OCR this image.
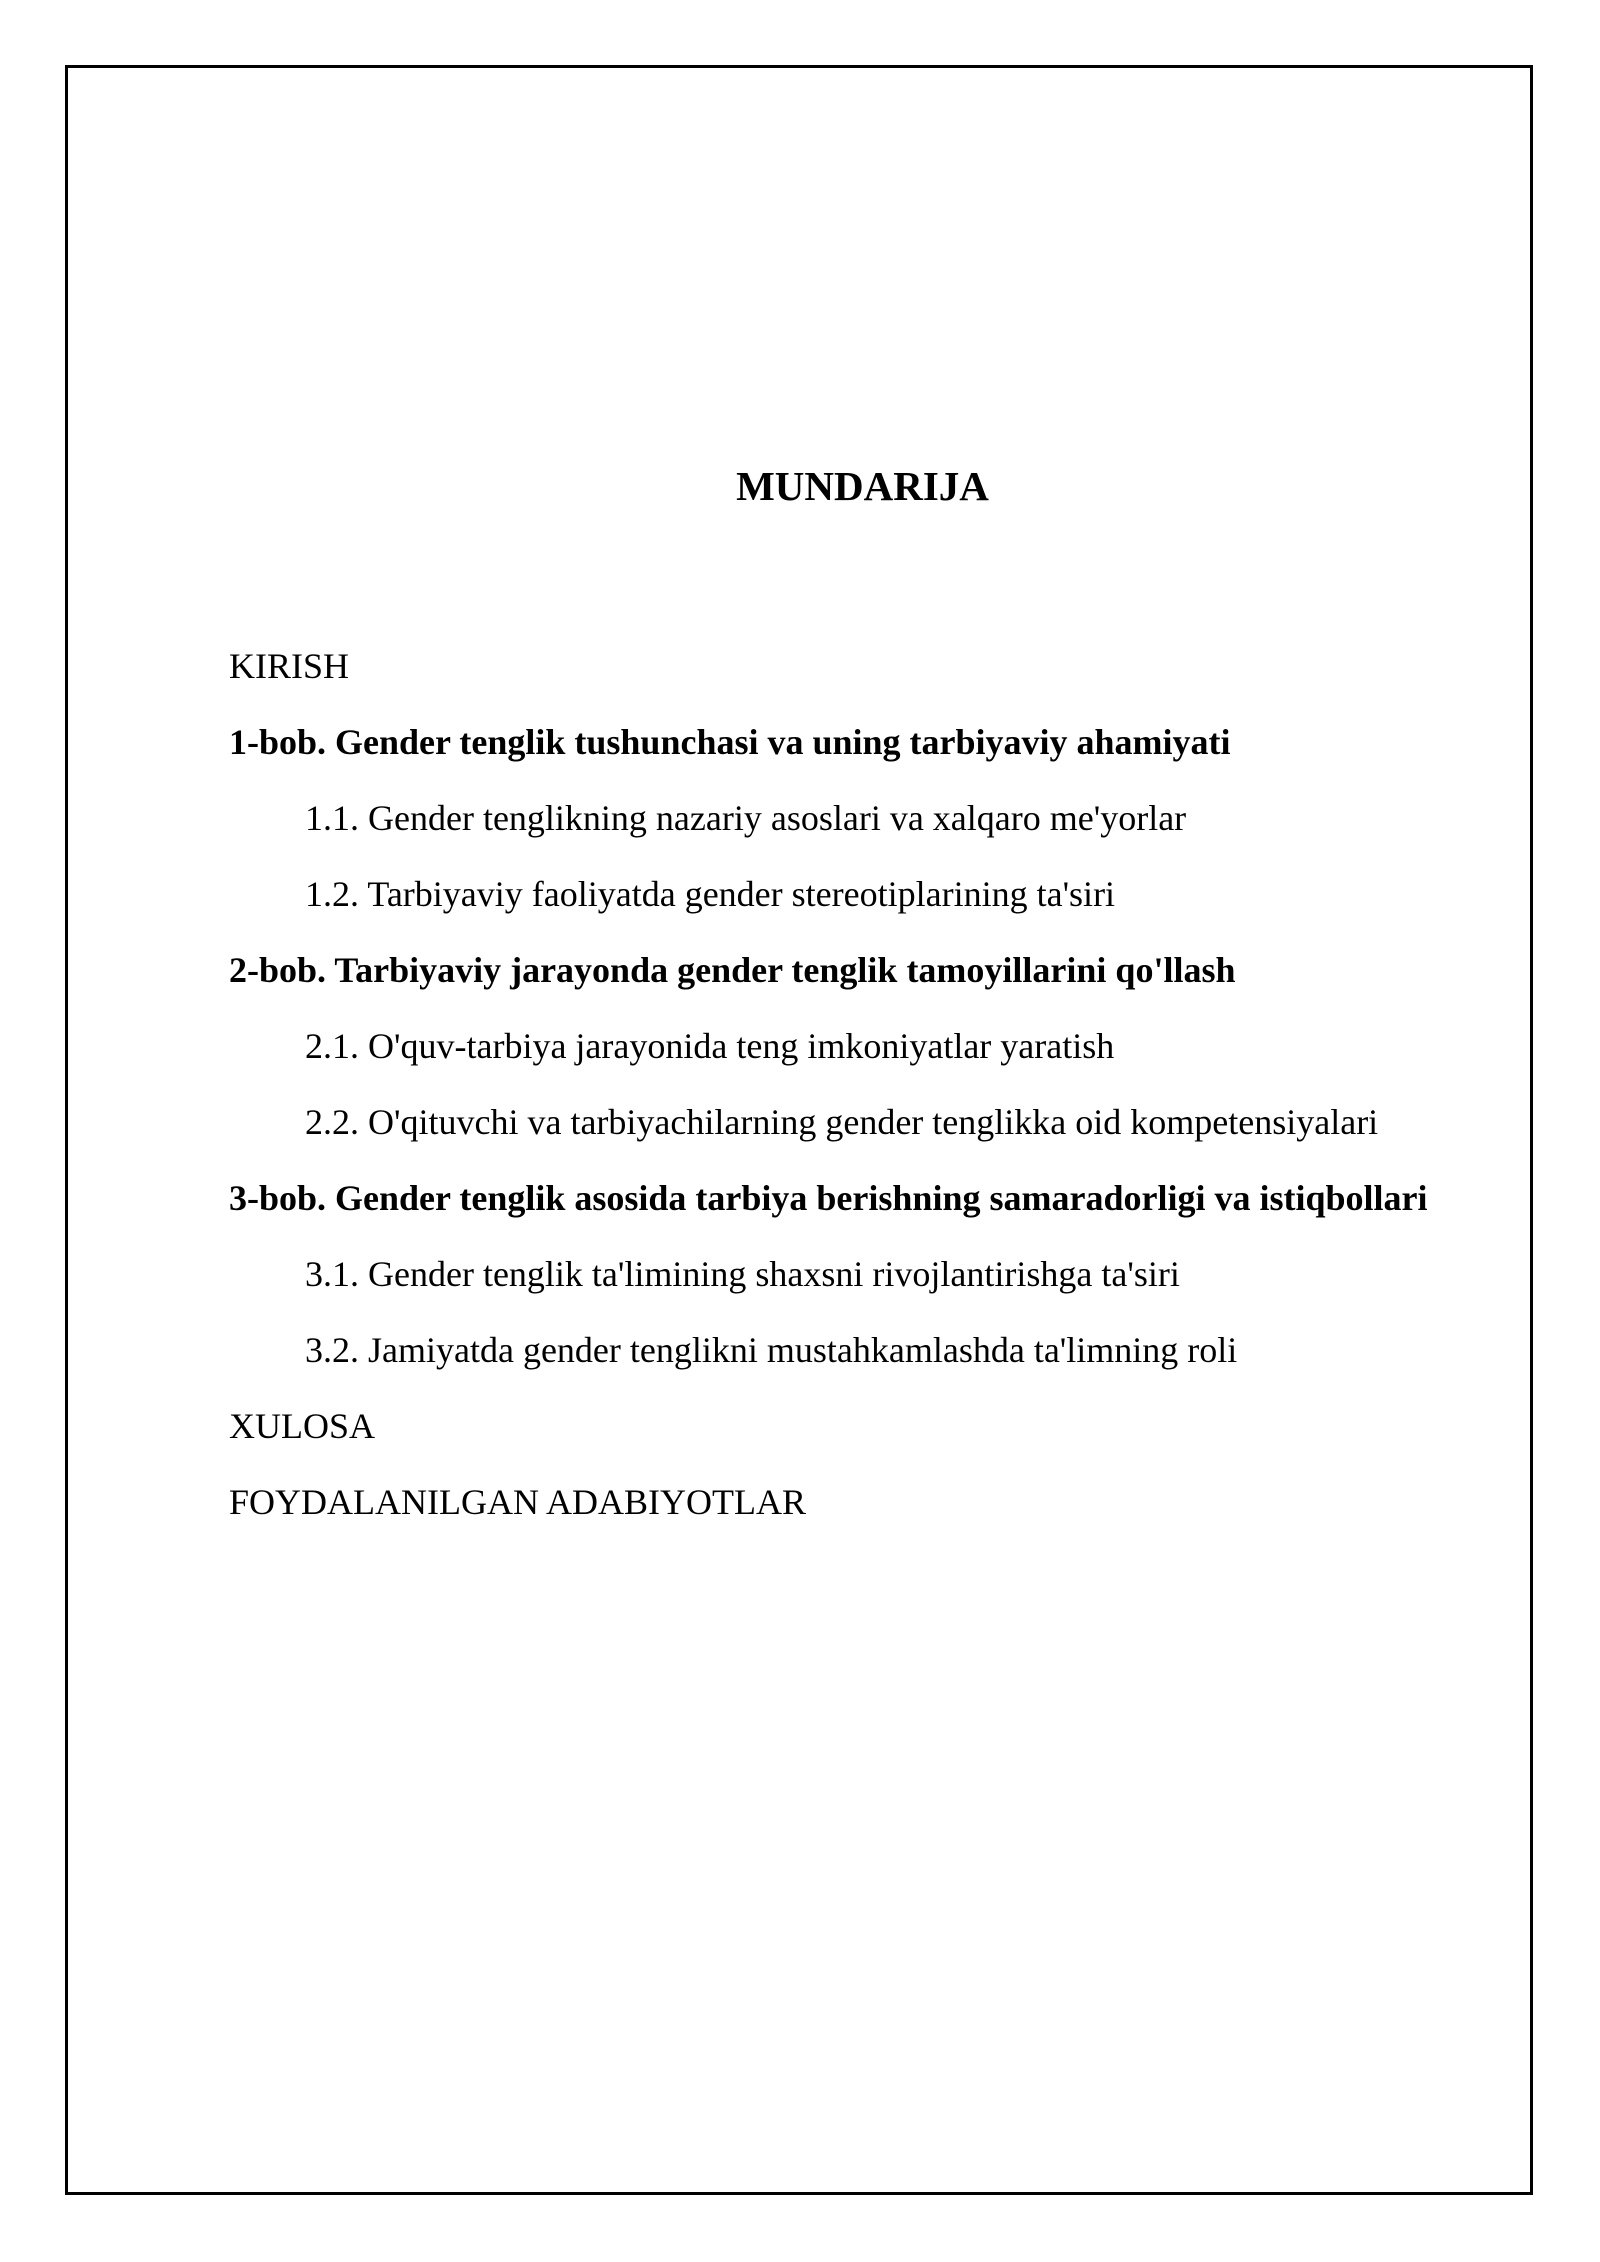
MUNDARIJA
KIRISH
1-bob. Gender tenglik tushunchasi va uning tarbiyaviy ahamiyati
1.1. Gender tenglikning nazariy asoslari va xalqaro me'yorlar
1.2. Tarbiyaviy faoliyatda gender stereotiplarining ta'siri
2-bob. Tarbiyaviy jarayonda gender tenglik tamoyillarini qo'llash
2.1. O'quv-tarbiya jarayonida teng imkoniyatlar yaratish
2.2. O'qituvchi va tarbiyachilarning gender tenglikka oid kompetensiyalari
3-bob. Gender tenglik asosida tarbiya berishning samaradorligi va istiqbollari
3.1. Gender tenglik ta'limining shaxsni rivojlantirishga ta'siri
3.2. Jamiyatda gender tenglikni mustahkamlashda ta'limning roli
XULOSA
FOYDALANILGAN ADABIYOTLAR
